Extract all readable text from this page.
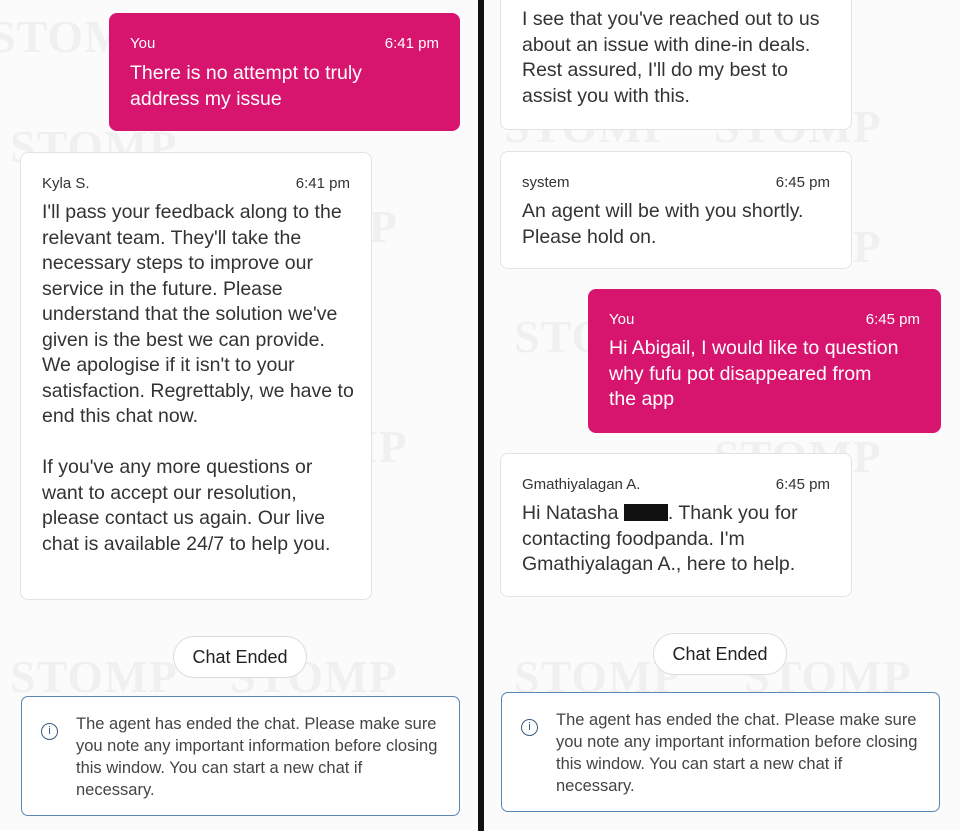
You	6:41 pm
There is no attempt to truly address my issue
Kyla S.	6:41 pm
I'll pass your feedback along to the relevant team. They'll take the necessary steps to improve our service in the future. Please understand that the solution we've given is the best we can provide. We apologise if it isn't to your satisfaction. Regrettably, we have to end this chat now.
If you've any more questions or want to accept our resolution, please contact us again. Our live chat is available 24/7 to help you.
Chat Ended
i	The agent has ended the chat. Please make sure you note any important information before closing this window. You can start a new chat if necessary.
I see that you've reached out to us about an issue with dine-in deals. Rest assured, I'll do my best to assist you with this.
system	6:45 pm
An agent will be with you shortly. Please hold on.
You	6:45 pm
Hi Abigail, I would like to question why fufu pot disappeared from the app
Gmathiyalagan A.	6:45 pm
Hi Natasha	. Thank you for contacting foodpanda. I'm Gmathiyalagan A., here to help.
Chat Ended
i	The agent has ended the chat. Please make sure you note any important information before closing this window. You can start a new chat if necessary.
